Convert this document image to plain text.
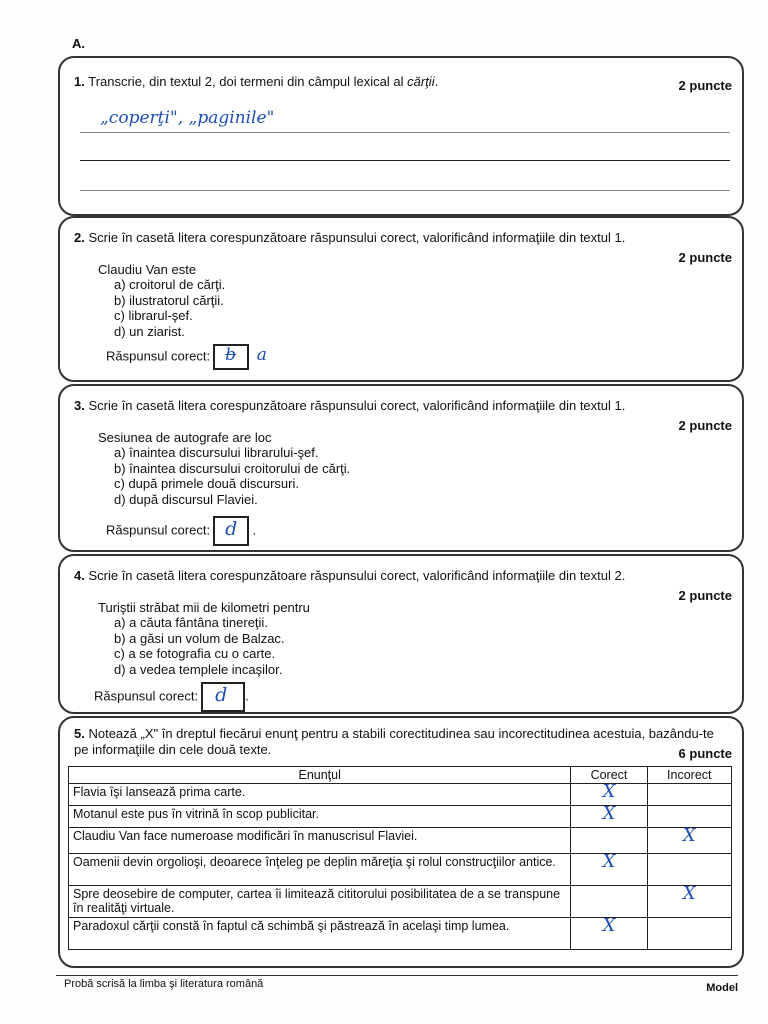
A.
1. Transcrie, din textul 2, doi termeni din câmpul lexical al cărţii.	2 puncte
„coperţi", „paginile"
2. Scrie în casetă litera corespunzătoare răspunsului corect, valorificând informaţiile din textul 1.
2 puncte
Claudiu Van este
a) croitorul de cărţi.
b) ilustratorul cărţii.
c) librarul-şef.
d) un ziarist.
Răspunsul corect: b a
3. Scrie în casetă litera corespunzătoare răspunsului corect, valorificând informaţiile din textul 1.
2 puncte
Sesiunea de autografe are loc
a) înaintea discursului librarului-şef.
b) înaintea discursului croitorului de cărţi.
c) după primele două discursuri.
d) după discursul Flaviei.
Răspunsul corect: d .
4. Scrie în casetă litera corespunzătoare răspunsului corect, valorificând informaţiile din textul 2.
2 puncte
Turiştii străbat mii de kilometri pentru
a) a căuta fântâna tinereţii.
b) a găsi un volum de Balzac.
c) a se fotografia cu o carte.
d) a vedea templele incaşilor.
Răspunsul corect: d .
5. Notează „X" în dreptul fiecărui enunţ pentru a stabili corectitudinea sau incorectitudinea acestuia, bazându-te pe informaţiile din cele două texte.	6 puncte
Enunţul	Corect	Incorect
Flavia îşi lansează prima carte.	X	
Motanul este pus în vitrină în scop publicitar.	X	
Claudiu Van face numeroase modificări în manuscrisul Flaviei.		X
Oamenii devin orgolioşi, deoarece înţeleg pe deplin măreţia şi rolul construcţiilor antice.	X	
Spre deosebire de computer, cartea îi limitează cititorului posibilitatea de a se transpune în realităţi virtuale.		X
Paradoxul cărţii constă în faptul că schimbă şi păstrează în acelaşi timp lumea.	X	
Probă scrisă la limba şi literatura română	Model
